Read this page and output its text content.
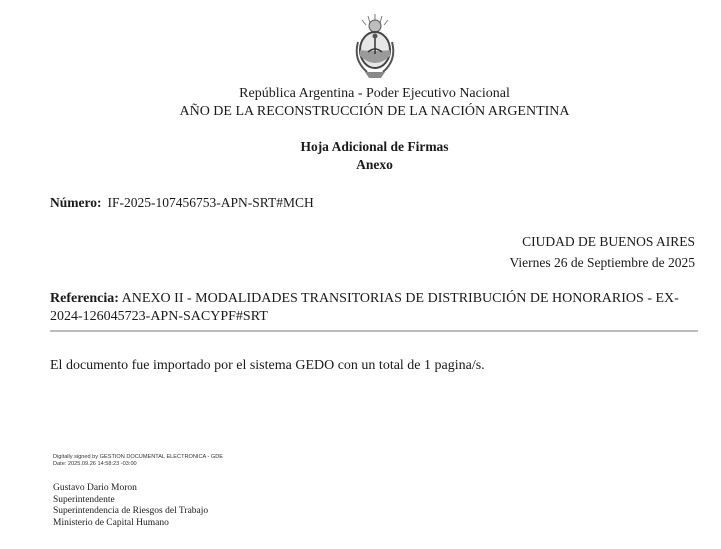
República Argentina - Poder Ejecutivo Nacional
AÑO DE LA RECONSTRUCCIÓN DE LA NACIÓN ARGENTINA
Hoja Adicional de Firmas
Anexo
Número: IF-2025-107456753-APN-SRT#MCH
CIUDAD DE BUENOS AIRES
Viernes 26 de Septiembre de 2025
Referencia: ANEXO II - MODALIDADES TRANSITORIAS DE DISTRIBUCIÓN DE HONORARIOS - EX-2024-126045723-APN-SACYPF#SRT
El documento fue importado por el sistema GEDO con un total de 1 pagina/s.
Digitally signed by GESTION DOCUMENTAL ELECTRONICA - GDE
Date: 2025.09.26 14:58:23 -03:00
Gustavo Dario Moron
Superintendente
Superintendencia de Riesgos del Trabajo
Ministerio de Capital Humano
